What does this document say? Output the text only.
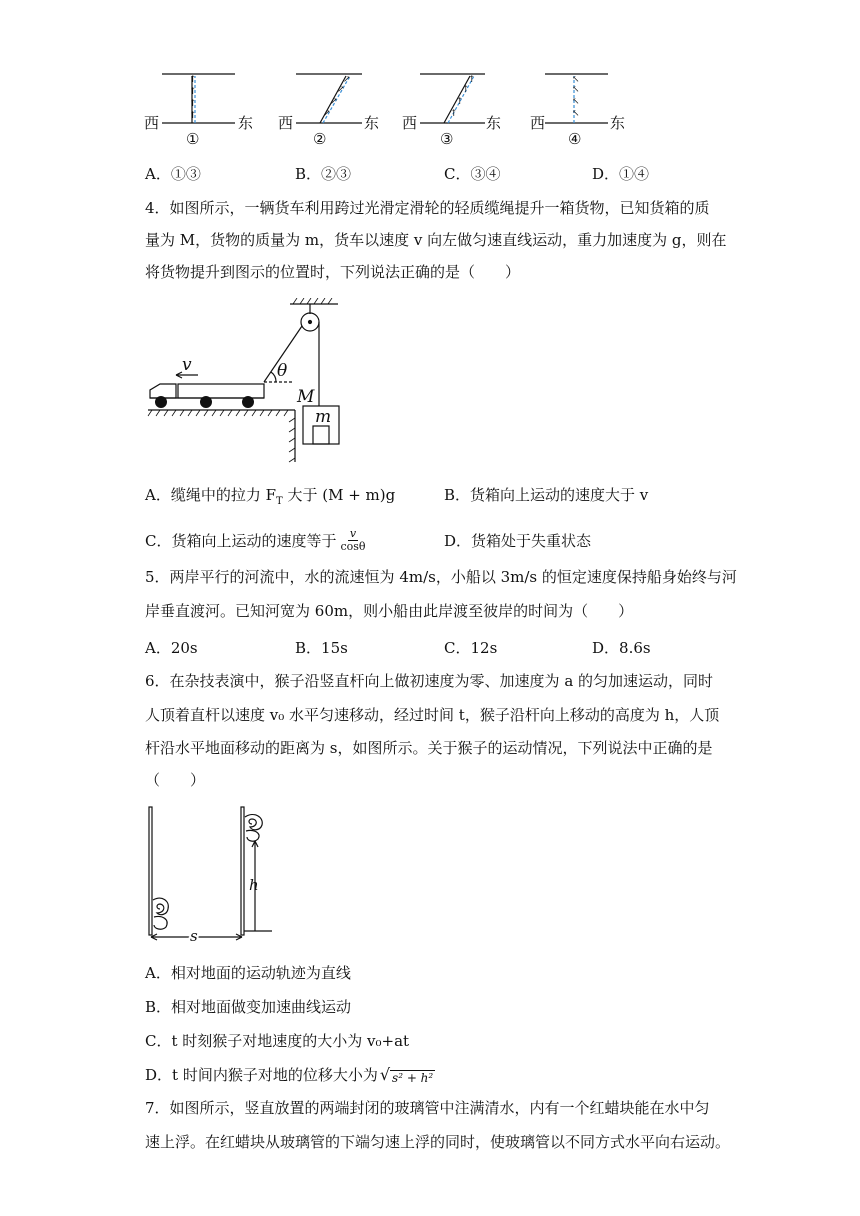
↑
↑
↑
↑
↗
↗
↗
↗
↑
↑
↑
↑
↖
↖
↖
↖
西	东
①
西	东
②
西	东
③
西	东
④
A．①③	B．②③	C．③④	D．①④
4．如图所示，一辆货车利用跨过光滑定滑轮的轻质缆绳提升一箱货物，已知货箱的质
量为 M，货物的质量为 m，货车以速度 v 向左做匀速直线运动，重力加速度为 g，则在
将货物提升到图示的位置时，下列说法正确的是（　　）
v	θ
M
m
A．缆绳中的拉力 $F_T$ 大于 (M + m)g	B．货箱向上运动的速度大于 v
C．货箱向上运动的速度等于 $\frac{v}{\cos\theta}$	D．货箱处于失重状态
5．两岸平行的河流中，水的流速恒为 4m/s，小船以 3m/s 的恒定速度保持船身始终与河
岸垂直渡河。已知河宽为 60m，则小船由此岸渡至彼岸的时间为（　　）
A．20s	B．15s	C．12s	D．8.6s
6．在杂技表演中，猴子沿竖直杆向上做初速度为零、加速度为 a 的匀加速运动，同时
人顶着直杆以速度 v₀ 水平匀速移动，经过时间 t，猴子沿杆向上移动的高度为 h，人顶
杆沿水平地面移动的距离为 s，如图所示。关于猴子的运动情况，下列说法中正确的是
（　　）
h
s
A．相对地面的运动轨迹为直线
B．相对地面做变加速曲线运动
C．t 时刻猴子对地速度的大小为 v₀+at
D．t 时间内猴子对地的位移大小为 √ s² + h²
7．如图所示，竖直放置的两端封闭的玻璃管中注满清水，内有一个红蜡块能在水中匀
速上浮。在红蜡块从玻璃管的下端匀速上浮的同时，使玻璃管以不同方式水平向右运动。
